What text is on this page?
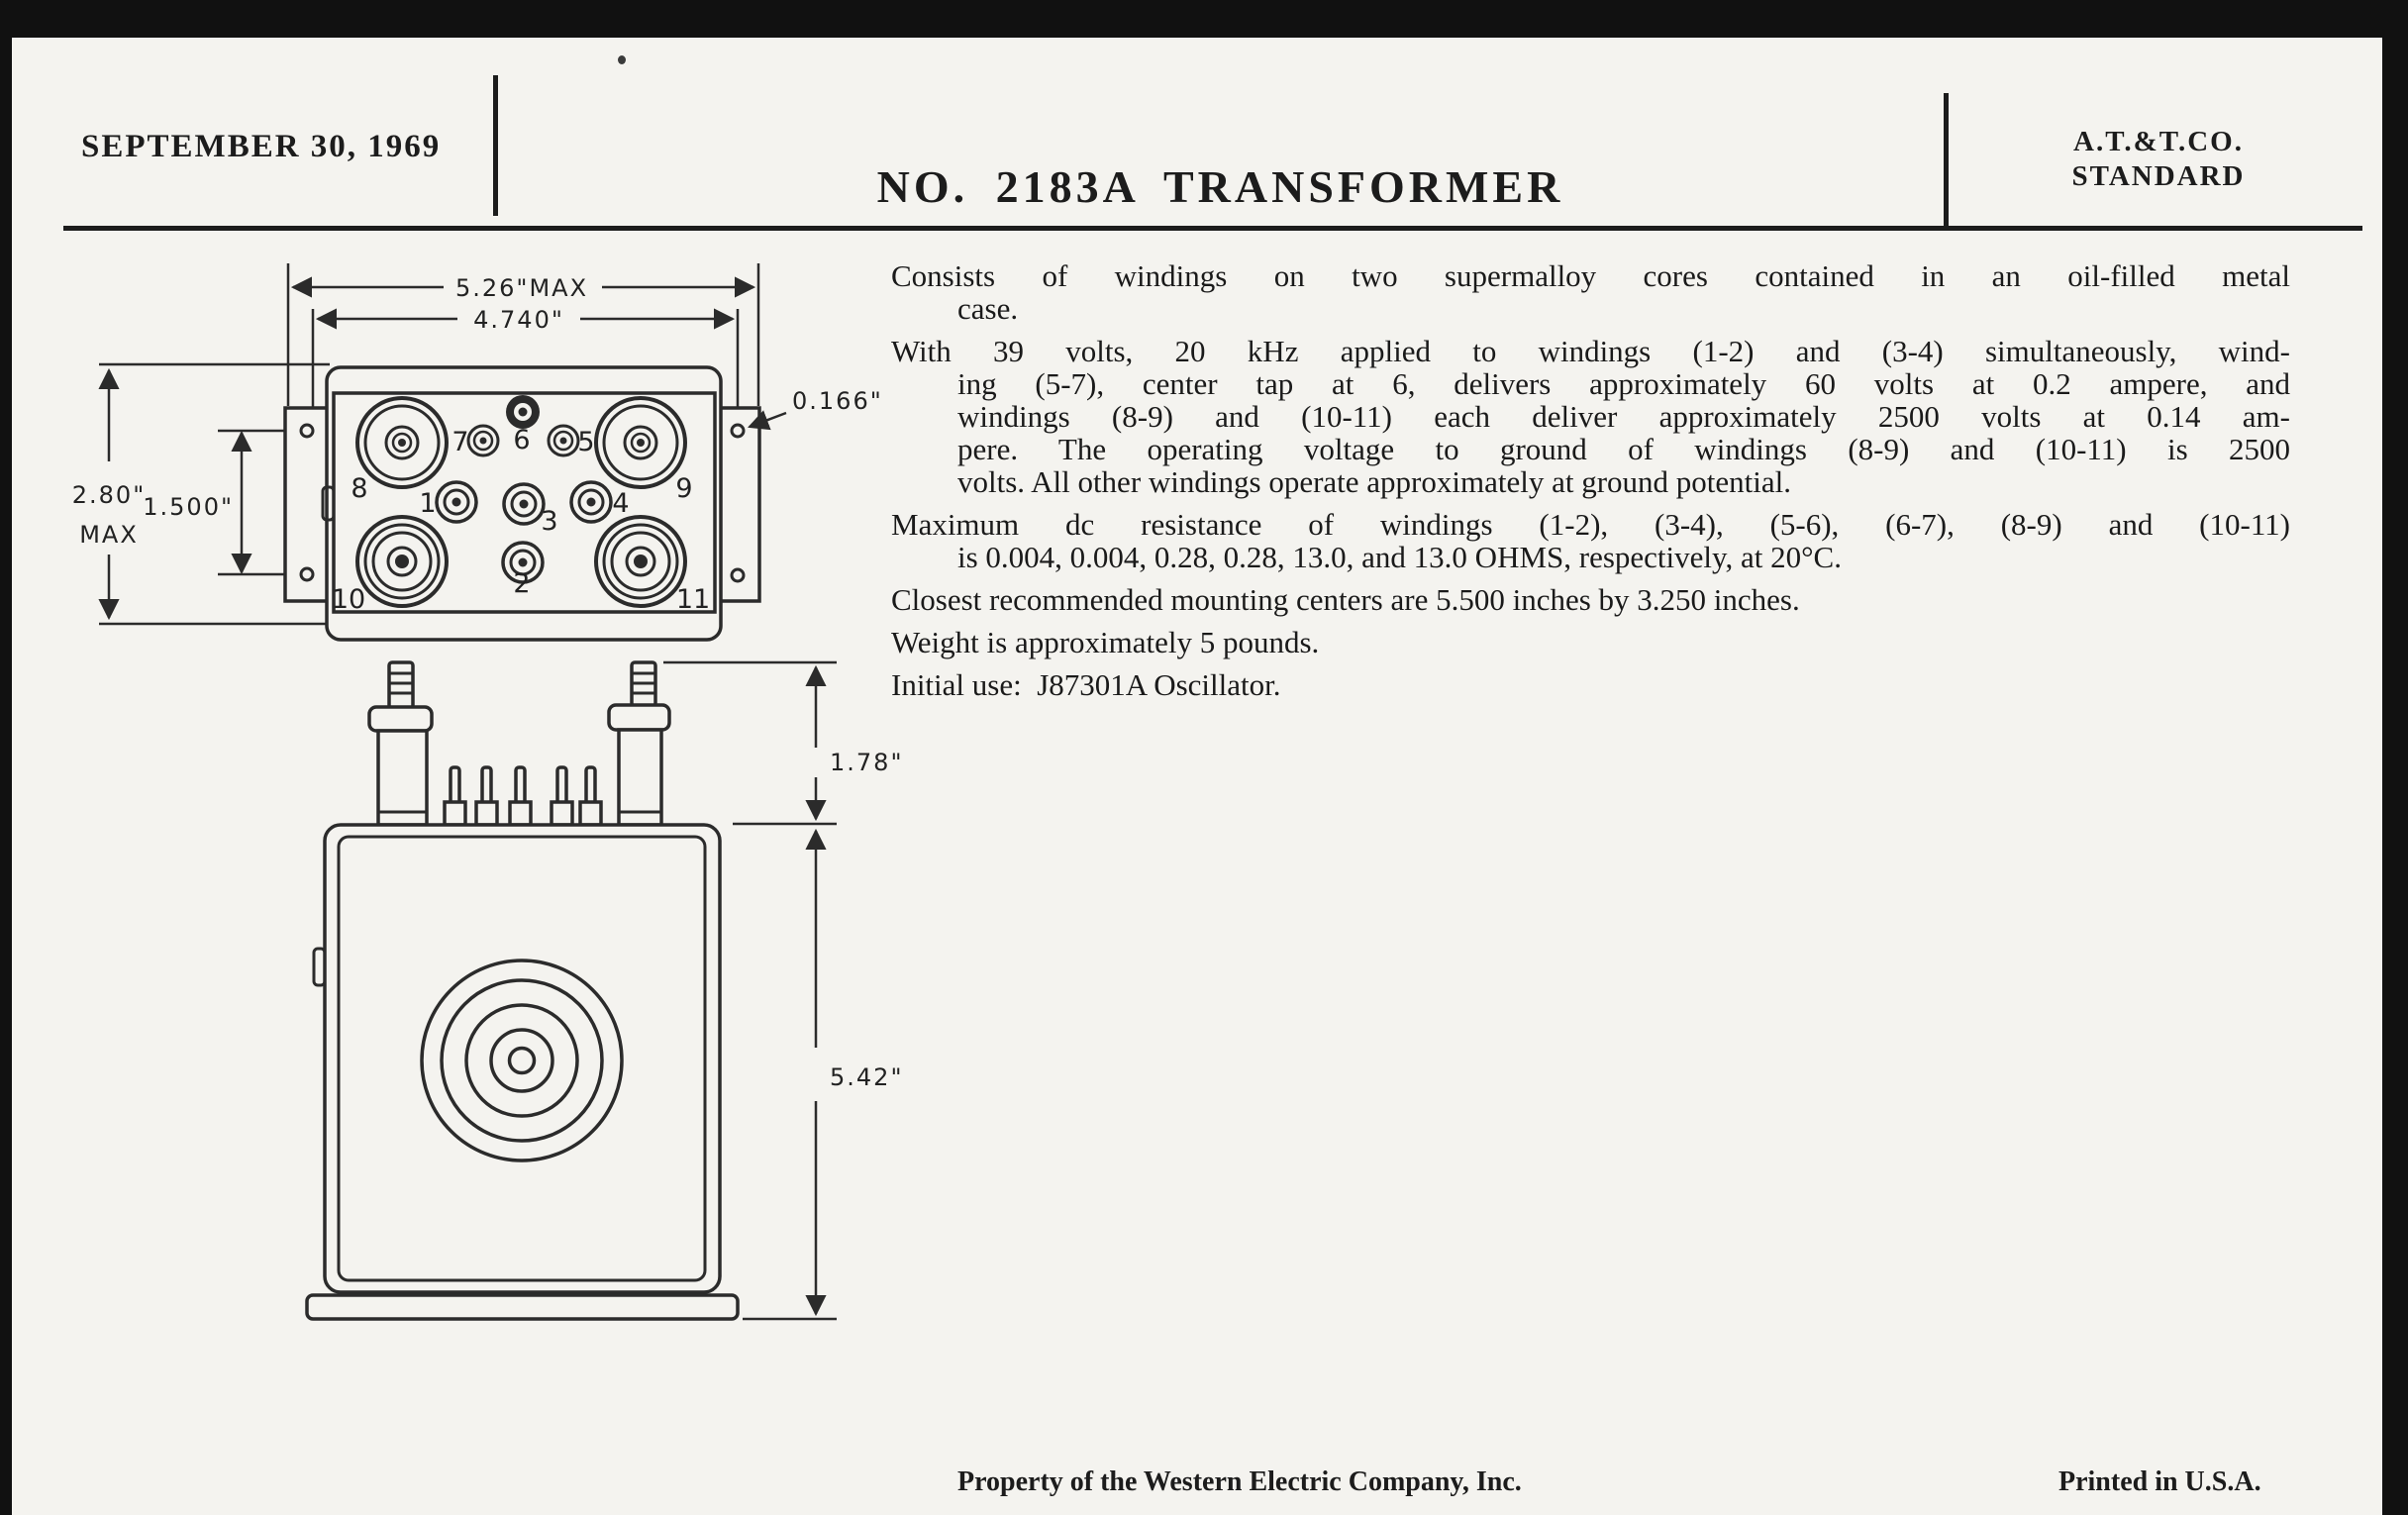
SEPTEMBER 30, 1969
NO. 2183A TRANSFORMER
A.T.&T.CO.
STANDARD
Consists of windings on two supermalloy cores contained in an oil-filled metal
case.
With 39 volts, 20 kHz applied to windings (1-2) and (3-4) simultaneously, wind-
ing (5-7), center tap at 6, delivers approximately 60 volts at 0.2 ampere, and
windings (8-9) and (10-11) each deliver approximately 2500 volts at 0.14 am-
pere. The operating voltage to ground of windings (8-9) and (10-11) is 2500
volts. All other windings operate approximately at ground potential.
Maximum dc resistance of windings (1-2), (3-4), (5-6), (6-7), (8-9) and (10-11)
is 0.004, 0.004, 0.28, 0.28, 13.0, and 13.0 OHMS, respectively, at 20°C.
Closest recommended mounting centers are 5.500 inches by 3.250 inches.
Weight is approximately 5 pounds.
Initial use:  J87301A Oscillator.
Property of the Western Electric Company, Inc.	Printed in U.S.A.
5.26"MAX
4.740"
2.80"
MAX
1.500"
8
7 6 5
9
1
3
4
10
2
11
0.166"
1.78"
5.42"
